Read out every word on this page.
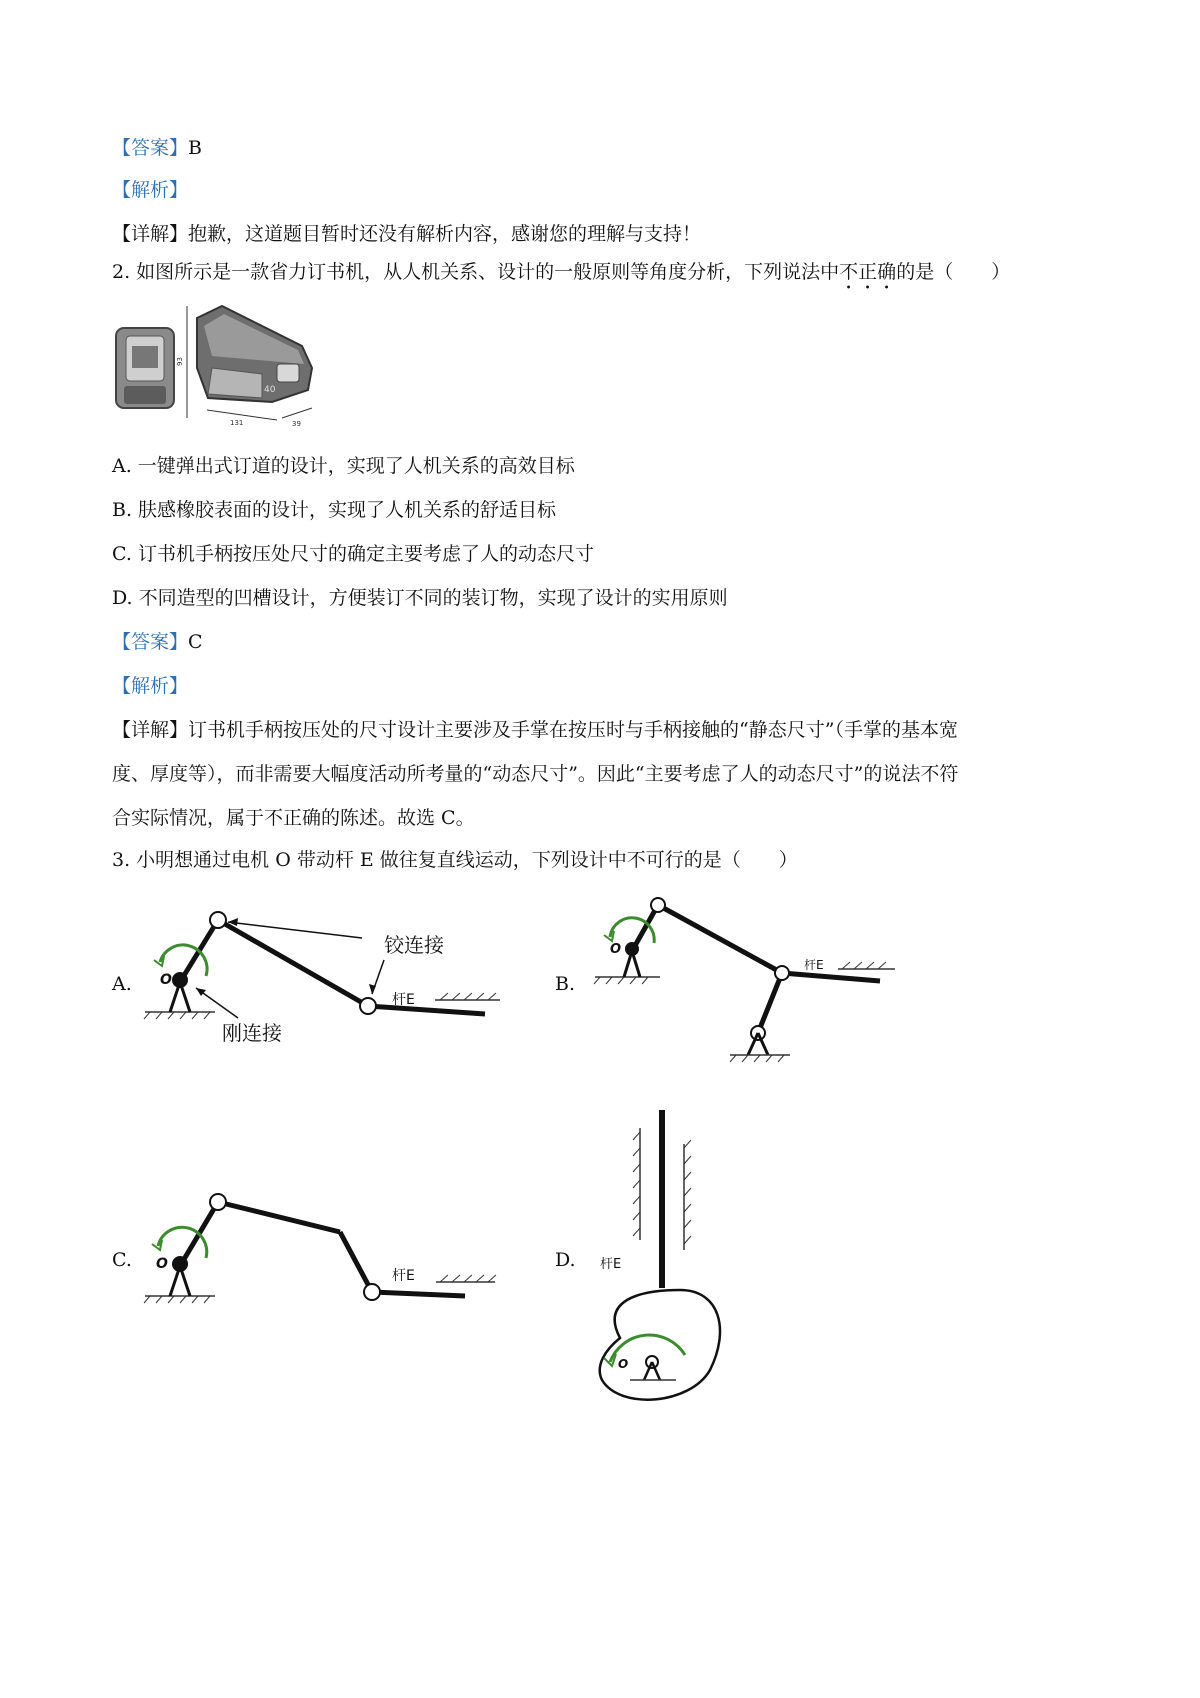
【答案】B
【解析】
【详解】抱歉，这道题目暂时还没有解析内容，感谢您的理解与支持！
2. 如图所示是一款省力订书机，从人机关系、设计的一般原则等角度分析，下列说法中不正确的是（　　）
93
40
131	39
A. 一键弹出式订道的设计，实现了人机关系的高效目标
B. 肤感橡胶表面的设计，实现了人机关系的舒适目标
C. 订书机手柄按压处尺寸的确定主要考虑了人的动态尺寸
D. 不同造型的凹槽设计，方便装订不同的装订物，实现了设计的实用原则
【答案】C
【解析】
【详解】订书机手柄按压处的尺寸设计主要涉及手掌在按压时与手柄接触的“静态尺寸”（手掌的基本宽
度、厚度等），而非需要大幅度活动所考量的“动态尺寸”。因此“主要考虑了人的动态尺寸”的说法不符
合实际情况，属于不正确的陈述。故选 C。
3. 小明想通过电机 O 带动杆 E 做往复直线运动，下列设计中不可行的是（　　）
A. O
杆E
铰连接
刚连接
B.
O
杆E
C. O
杆E
D. 杆E
O
